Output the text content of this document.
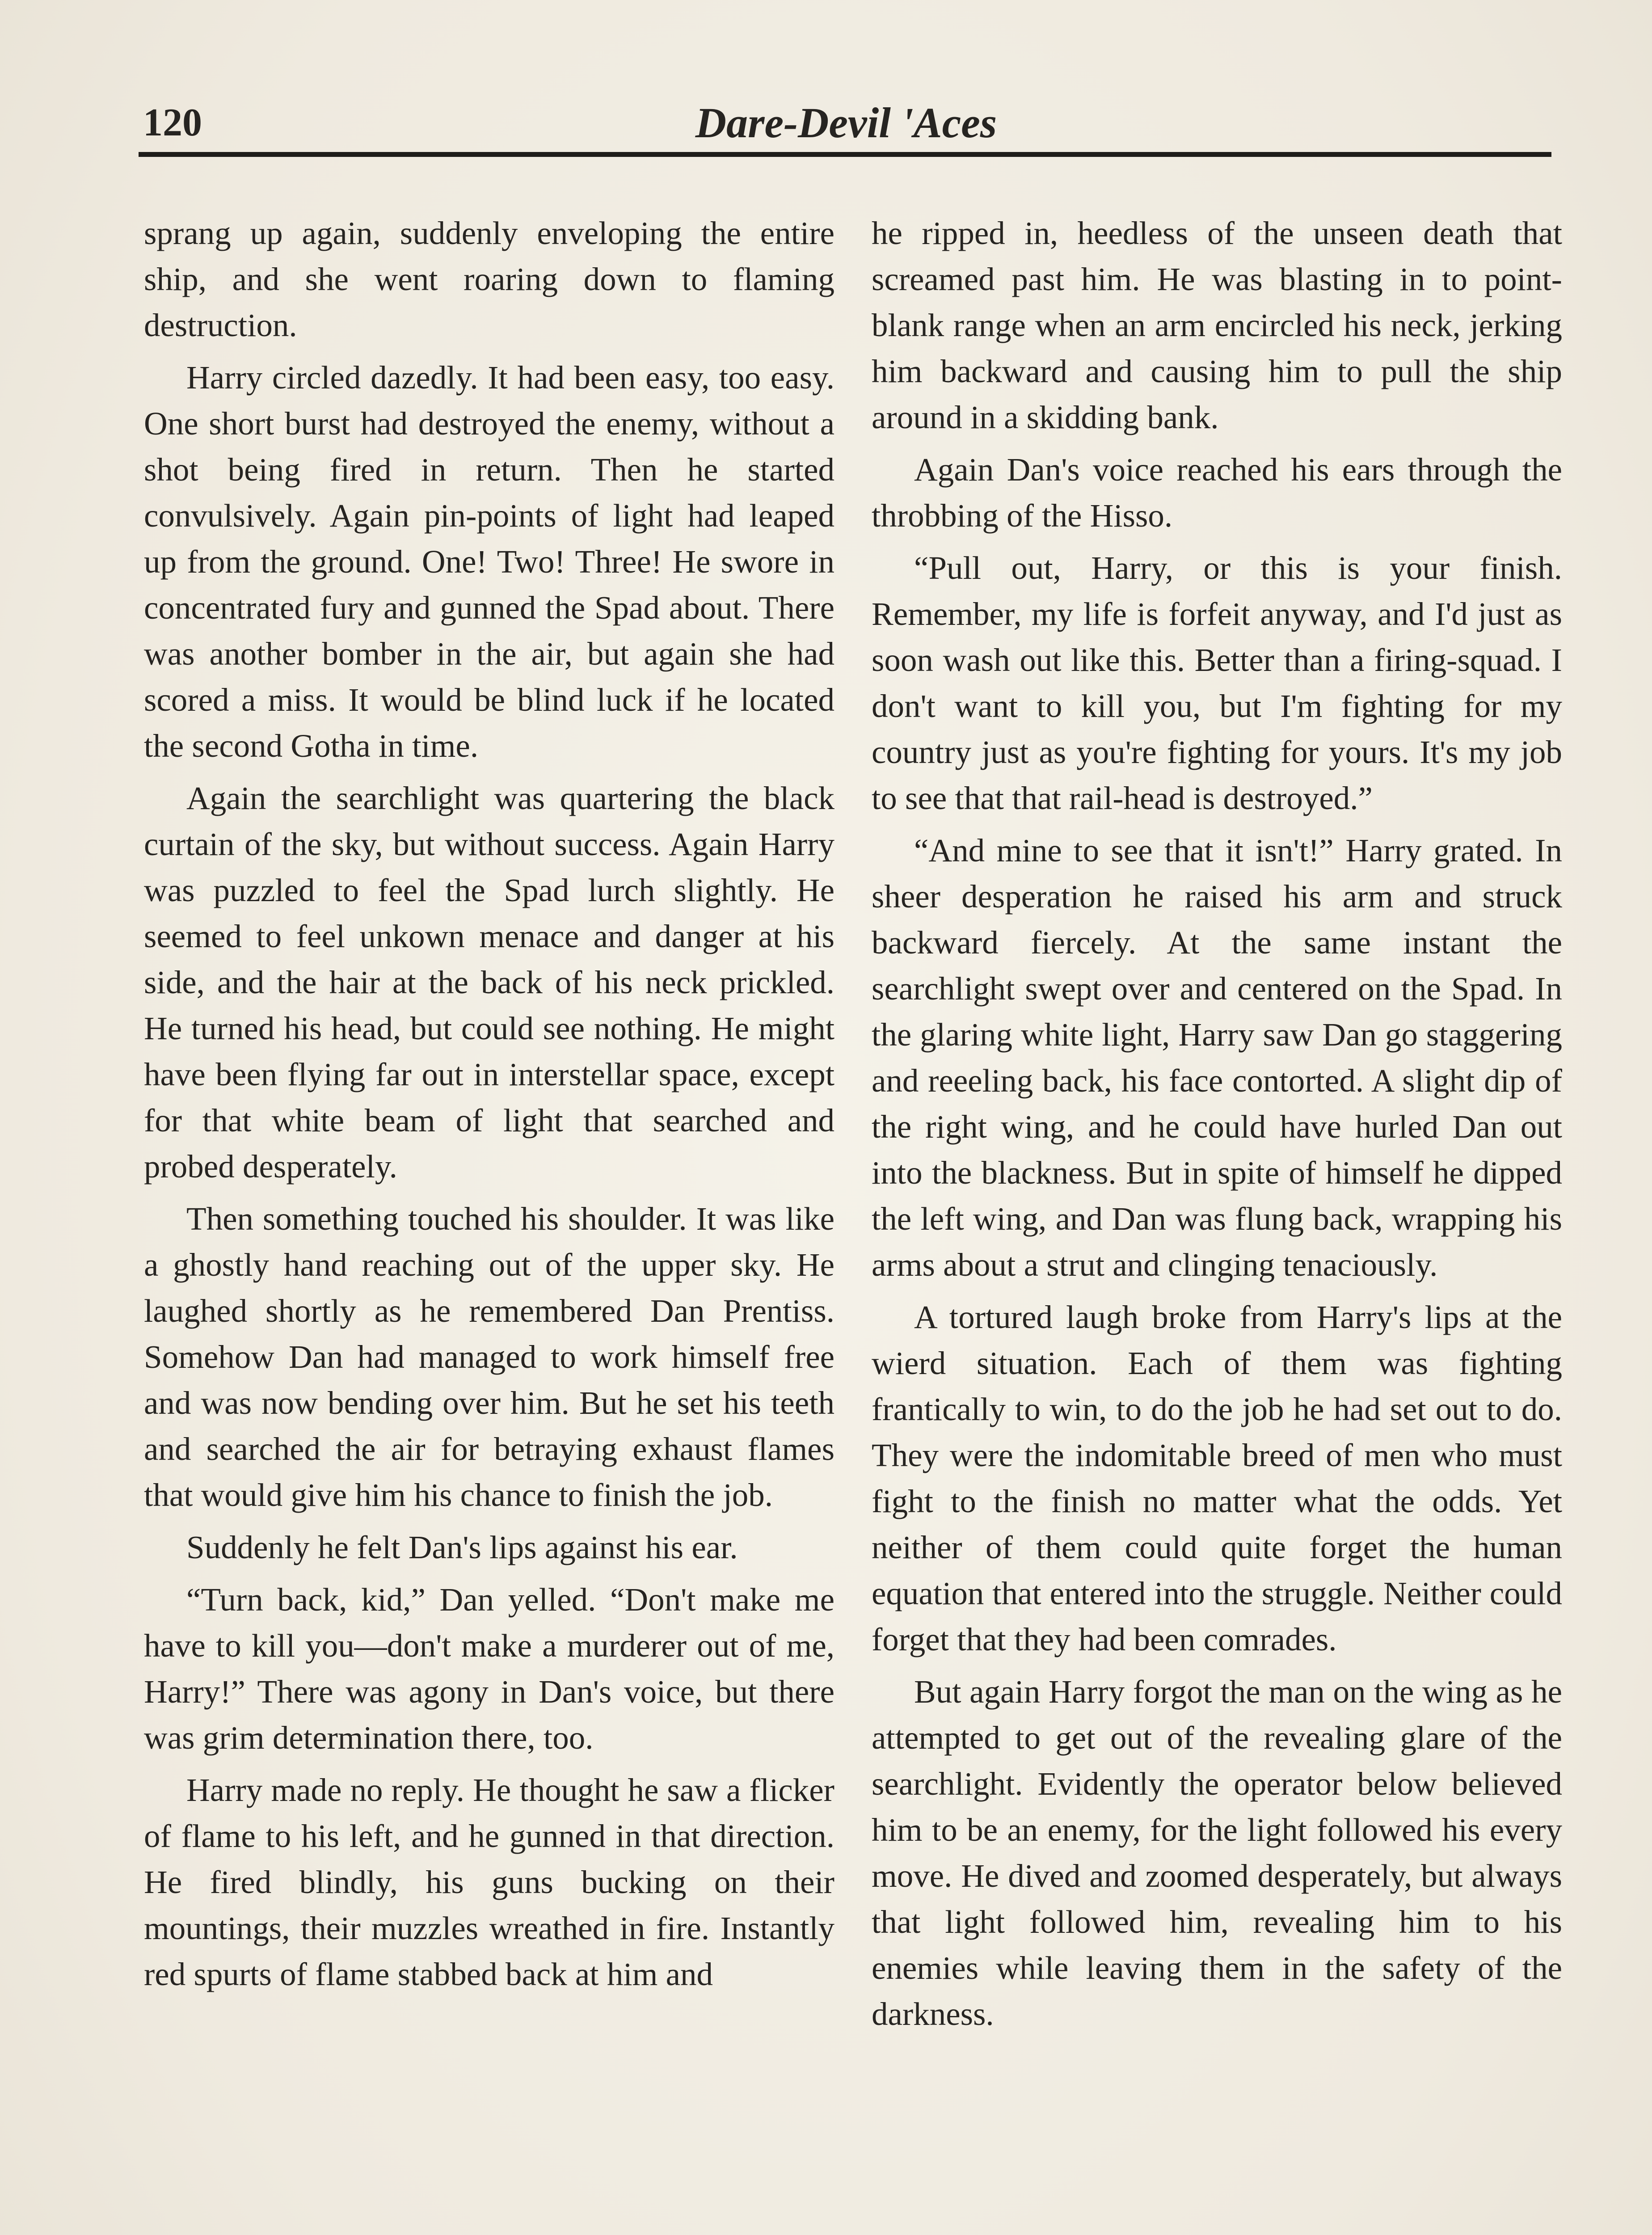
120	Dare-Devil 'Aces

sprang up again, suddenly enveloping the entire ship, and she went roaring down to flaming destruction.

Harry circled dazedly. It had been easy, too easy. One short burst had destroyed the enemy, without a shot being fired in return. Then he started convulsively. Again pin-points of light had leaped up from the ground. One! Two! Three! He swore in concentrated fury and gunned the Spad about. There was another bomber in the air, but again she had scored a miss. It would be blind luck if he located the second Gotha in time.

Again the searchlight was quartering the black curtain of the sky, but without success. Again Harry was puzzled to feel the Spad lurch slightly. He seemed to feel unkown menace and danger at his side, and the hair at the back of his neck prickled. He turned his head, but could see nothing. He might have been flying far out in interstellar space, except for that white beam of light that searched and probed desperately.

Then something touched his shoulder. It was like a ghostly hand reaching out of the upper sky. He laughed shortly as he remembered Dan Prentiss. Somehow Dan had managed to work himself free and was now bending over him. But he set his teeth and searched the air for betraying exhaust flames that would give him his chance to finish the job.

Suddenly he felt Dan's lips against his ear.

“Turn back, kid,” Dan yelled. “Don't make me have to kill you—don't make a murderer out of me, Harry!” There was agony in Dan's voice, but there was grim determination there, too.

Harry made no reply. He thought he saw a flicker of flame to his left, and he gunned in that direction. He fired blindly, his guns bucking on their mountings, their muzzles wreathed in fire. Instantly red spurts of flame stabbed back at him and

he ripped in, heedless of the unseen death that screamed past him. He was blasting in to point-blank range when an arm encircled his neck, jerking him backward and causing him to pull the ship around in a skidding bank.

Again Dan's voice reached his ears through the throbbing of the Hisso.

“Pull out, Harry, or this is your finish. Remember, my life is forfeit anyway, and I'd just as soon wash out like this. Better than a firing-squad. I don't want to kill you, but I'm fighting for my country just as you're fighting for yours. It's my job to see that that rail-head is destroyed.”

“And mine to see that it isn't!” Harry grated. In sheer desperation he raised his arm and struck backward fiercely. At the same instant the searchlight swept over and centered on the Spad. In the glaring white light, Harry saw Dan go staggering and reeeling back, his face contorted. A slight dip of the right wing, and he could have hurled Dan out into the blackness. But in spite of himself he dipped the left wing, and Dan was flung back, wrapping his arms about a strut and clinging tenaciously.

A tortured laugh broke from Harry's lips at the wierd situation. Each of them was fighting frantically to win, to do the job he had set out to do. They were the indomitable breed of men who must fight to the finish no matter what the odds. Yet neither of them could quite forget the human equation that entered into the struggle. Neither could forget that they had been comrades.

But again Harry forgot the man on the wing as he attempted to get out of the revealing glare of the searchlight. Evidently the operator below believed him to be an enemy, for the light followed his every move. He dived and zoomed desperately, but always that light followed him, revealing him to his enemies while leaving them in the safety of the darkness.
